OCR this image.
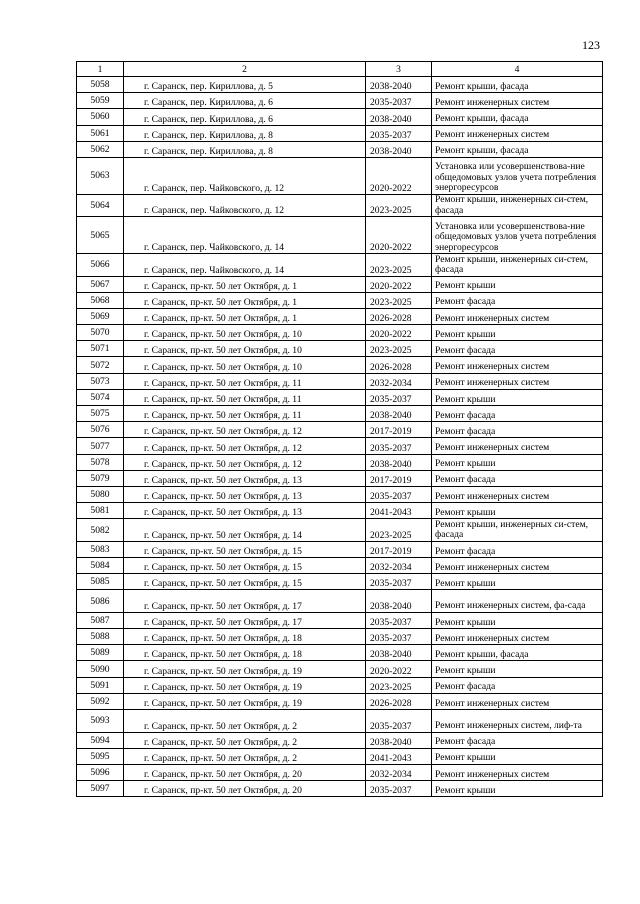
123
1	2	3	4
5058	г. Саранск, пер. Кириллова, д. 5	2038-2040	Ремонт крыши, фасада
5059	г. Саранск, пер. Кириллова, д. 6	2035-2037	Ремонт инженерных систем
5060	г. Саранск, пер. Кириллова, д. 6	2038-2040	Ремонт крыши, фасада
5061	г. Саранск, пер. Кириллова, д. 8	2035-2037	Ремонт инженерных систем
5062	г. Саранск, пер. Кириллова, д. 8	2038-2040	Ремонт крыши, фасада
5063	г. Саранск, пер. Чайковского, д. 12	2020-2022	Установка или усовершенствова-ние общедомовых узлов учета потребления энергоресурсов
5064	г. Саранск, пер. Чайковского, д. 12	2023-2025	Ремонт крыши, инженерных си-стем, фасада
5065	г. Саранск, пер. Чайковского, д. 14	2020-2022	Установка или усовершенствова-ние общедомовых узлов учета потребления энергоресурсов
5066	г. Саранск, пер. Чайковского, д. 14	2023-2025	Ремонт крыши, инженерных си-стем, фасада
5067	г. Саранск, пр-кт. 50 лет Октября, д. 1	2020-2022	Ремонт крыши
5068	г. Саранск, пр-кт. 50 лет Октября, д. 1	2023-2025	Ремонт фасада
5069	г. Саранск, пр-кт. 50 лет Октября, д. 1	2026-2028	Ремонт инженерных систем
5070	г. Саранск, пр-кт. 50 лет Октября, д. 10	2020-2022	Ремонт крыши
5071	г. Саранск, пр-кт. 50 лет Октября, д. 10	2023-2025	Ремонт фасада
5072	г. Саранск, пр-кт. 50 лет Октября, д. 10	2026-2028	Ремонт инженерных систем
5073	г. Саранск, пр-кт. 50 лет Октября, д. 11	2032-2034	Ремонт инженерных систем
5074	г. Саранск, пр-кт. 50 лет Октября, д. 11	2035-2037	Ремонт крыши
5075	г. Саранск, пр-кт. 50 лет Октября, д. 11	2038-2040	Ремонт фасада
5076	г. Саранск, пр-кт. 50 лет Октября, д. 12	2017-2019	Ремонт фасада
5077	г. Саранск, пр-кт. 50 лет Октября, д. 12	2035-2037	Ремонт инженерных систем
5078	г. Саранск, пр-кт. 50 лет Октября, д. 12	2038-2040	Ремонт крыши
5079	г. Саранск, пр-кт. 50 лет Октября, д. 13	2017-2019	Ремонт фасада
5080	г. Саранск, пр-кт. 50 лет Октября, д. 13	2035-2037	Ремонт инженерных систем
5081	г. Саранск, пр-кт. 50 лет Октября, д. 13	2041-2043	Ремонт крыши
5082	г. Саранск, пр-кт. 50 лет Октября, д. 14	2023-2025	Ремонт крыши, инженерных си-стем, фасада
5083	г. Саранск, пр-кт. 50 лет Октября, д. 15	2017-2019	Ремонт фасада
5084	г. Саранск, пр-кт. 50 лет Октября, д. 15	2032-2034	Ремонт инженерных систем
5085	г. Саранск, пр-кт. 50 лет Октября, д. 15	2035-2037	Ремонт крыши
5086	г. Саранск, пр-кт. 50 лет Октября, д. 17	2038-2040	Ремонт инженерных систем, фа-сада
5087	г. Саранск, пр-кт. 50 лет Октября, д. 17	2035-2037	Ремонт крыши
5088	г. Саранск, пр-кт. 50 лет Октября, д. 18	2035-2037	Ремонт инженерных систем
5089	г. Саранск, пр-кт. 50 лет Октября, д. 18	2038-2040	Ремонт крыши, фасада
5090	г. Саранск, пр-кт. 50 лет Октября, д. 19	2020-2022	Ремонт крыши
5091	г. Саранск, пр-кт. 50 лет Октября, д. 19	2023-2025	Ремонт фасада
5092	г. Саранск, пр-кт. 50 лет Октября, д. 19	2026-2028	Ремонт инженерных систем
5093	г. Саранск, пр-кт. 50 лет Октября, д. 2	2035-2037	Ремонт инженерных систем, лиф-та
5094	г. Саранск, пр-кт. 50 лет Октября, д. 2	2038-2040	Ремонт фасада
5095	г. Саранск, пр-кт. 50 лет Октября, д. 2	2041-2043	Ремонт крыши
5096	г. Саранск, пр-кт. 50 лет Октября, д. 20	2032-2034	Ремонт инженерных систем
5097	г. Саранск, пр-кт. 50 лет Октября, д. 20	2035-2037	Ремонт крыши
